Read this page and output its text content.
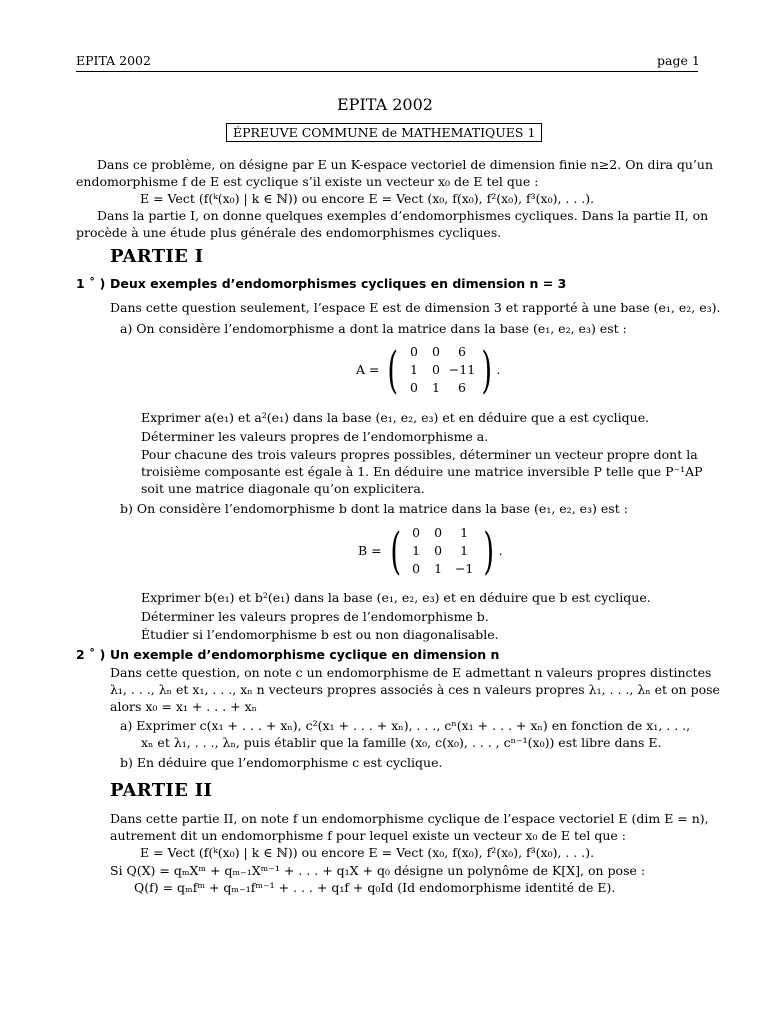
EPITA 2002	page 1
EPITA 2002
ÉPREUVE COMMUNE de MATHEMATIQUES 1
Dans ce problème, on désigne par E un K-espace vectoriel de dimension finie n≥2. On dira qu’un
endomorphisme f de E est cyclique s’il existe un vecteur x₀ de E tel que :
E = Vect (f(ᵏ(x₀) | k ∈ ℕ)) ou encore E = Vect (x₀, f(x₀), f²(x₀), f³(x₀), . . .).
Dans la partie I, on donne quelques exemples d’endomorphismes cycliques. Dans la partie II, on
procède à une étude plus générale des endomorphismes cycliques.
PARTIE I
1 ˚ ) Deux exemples d’endomorphismes cycliques en dimension n = 3
Dans cette question seulement, l’espace E est de dimension 3 et rapporté à une base (e₁, e₂, e₃).
a) On considère l’endomorphisme a dont la matrice dans la base (e₁, e₂, e₃) est :
A = ( 0	0	6
1	0 −11
0	1	6 ) .
Exprimer a(e₁) et a²(e₁) dans la base (e₁, e₂, e₃) et en déduire que a est cyclique.
Déterminer les valeurs propres de l’endomorphisme a.
Pour chacune des trois valeurs propres possibles, déterminer un vecteur propre dont la
troisième composante est égale à 1. En déduire une matrice inversible P telle que P⁻¹AP
soit une matrice diagonale qu’on explicitera.
b) On considère l’endomorphisme b dont la matrice dans la base (e₁, e₂, e₃) est :
B = ( 0	0	1
1	0	1
0	1	−1 ) .
Exprimer b(e₁) et b²(e₁) dans la base (e₁, e₂, e₃) et en déduire que b est cyclique.
Déterminer les valeurs propres de l’endomorphisme b.
Étudier si l’endomorphisme b est ou non diagonalisable.
2 ˚ ) Un exemple d’endomorphisme cyclique en dimension n
Dans cette question, on note c un endomorphisme de E admettant n valeurs propres distinctes
λ₁, . . ., λₙ et x₁, . . ., xₙ n vecteurs propres associés à ces n valeurs propres λ₁, . . ., λₙ et on pose
alors x₀ = x₁ + . . . + xₙ
a) Exprimer c(x₁ + . . . + xₙ), c²(x₁ + . . . + xₙ), . . ., cⁿ(x₁ + . . . + xₙ) en fonction de x₁, . . .,
xₙ et λ₁, . . ., λₙ, puis établir que la famille (x₀, c(x₀), . . . , cⁿ⁻¹(x₀)) est libre dans E.
b) En déduire que l’endomorphisme c est cyclique.
PARTIE II
Dans cette partie II, on note f un endomorphisme cyclique de l’espace vectoriel E (dim E = n),
autrement dit un endomorphisme f pour lequel existe un vecteur x₀ de E tel que :
E = Vect (f(ᵏ(x₀) | k ∈ ℕ)) ou encore E = Vect (x₀, f(x₀), f²(x₀), f³(x₀), . . .).
Si Q(X) = qₘXᵐ + qₘ₋₁Xᵐ⁻¹ + . . . + q₁X + q₀ désigne un polynôme de K[X], on pose :
Q(f) = qₘfᵐ + qₘ₋₁fᵐ⁻¹ + . . . + q₁f + q₀Id (Id endomorphisme identité de E).
